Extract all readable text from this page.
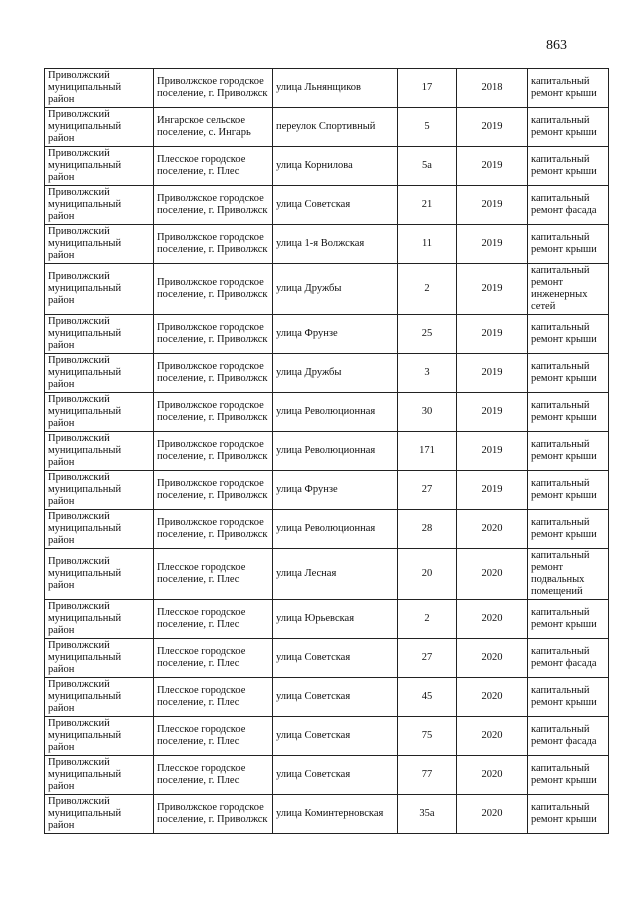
863
Приволжский муниципальный район	Приволжское городское поселение, г. Приволжск	улица Льнянщиков	17	2018	капитальный ремонт крыши
Приволжский муниципальный район	Ингарское сельское поселение, с. Ингарь	переулок Спортивный	5	2019	капитальный ремонт крыши
Приволжский муниципальный район	Плесское городское поселение, г. Плес	улица Корнилова	5а	2019	капитальный ремонт крыши
Приволжский муниципальный район	Приволжское городское поселение, г. Приволжск	улица Советская	21	2019	капитальный ремонт фасада
Приволжский муниципальный район	Приволжское городское поселение, г. Приволжск	улица 1-я Волжская	11	2019	капитальный ремонт крыши
Приволжский муниципальный район	Приволжское городское поселение, г. Приволжск	улица Дружбы	2	2019	капитальный ремонт инженерных сетей
Приволжский муниципальный район	Приволжское городское поселение, г. Приволжск	улица Фрунзе	25	2019	капитальный ремонт крыши
Приволжский муниципальный район	Приволжское городское поселение, г. Приволжск	улица Дружбы	3	2019	капитальный ремонт крыши
Приволжский муниципальный район	Приволжское городское поселение, г. Приволжск	улица Революционная	30	2019	капитальный ремонт крыши
Приволжский муниципальный район	Приволжское городское поселение, г. Приволжск	улица Революционная	171	2019	капитальный ремонт крыши
Приволжский муниципальный район	Приволжское городское поселение, г. Приволжск	улица Фрунзе	27	2019	капитальный ремонт крыши
Приволжский муниципальный район	Приволжское городское поселение, г. Приволжск	улица Революционная	28	2020	капитальный ремонт крыши
Приволжский муниципальный район	Плесское городское поселение, г. Плес	улица Лесная	20	2020	капитальный ремонт подвальных помещений
Приволжский муниципальный район	Плесское городское поселение, г. Плес	улица Юрьевская	2	2020	капитальный ремонт крыши
Приволжский муниципальный район	Плесское городское поселение, г. Плес	улица Советская	27	2020	капитальный ремонт фасада
Приволжский муниципальный район	Плесское городское поселение, г. Плес	улица Советская	45	2020	капитальный ремонт крыши
Приволжский муниципальный район	Плесское городское поселение, г. Плес	улица Советская	75	2020	капитальный ремонт фасада
Приволжский муниципальный район	Плесское городское поселение, г. Плес	улица Советская	77	2020	капитальный ремонт крыши
Приволжский муниципальный район	Приволжское городское поселение, г. Приволжск	улица Коминтерновская	35а	2020	капитальный ремонт крыши
